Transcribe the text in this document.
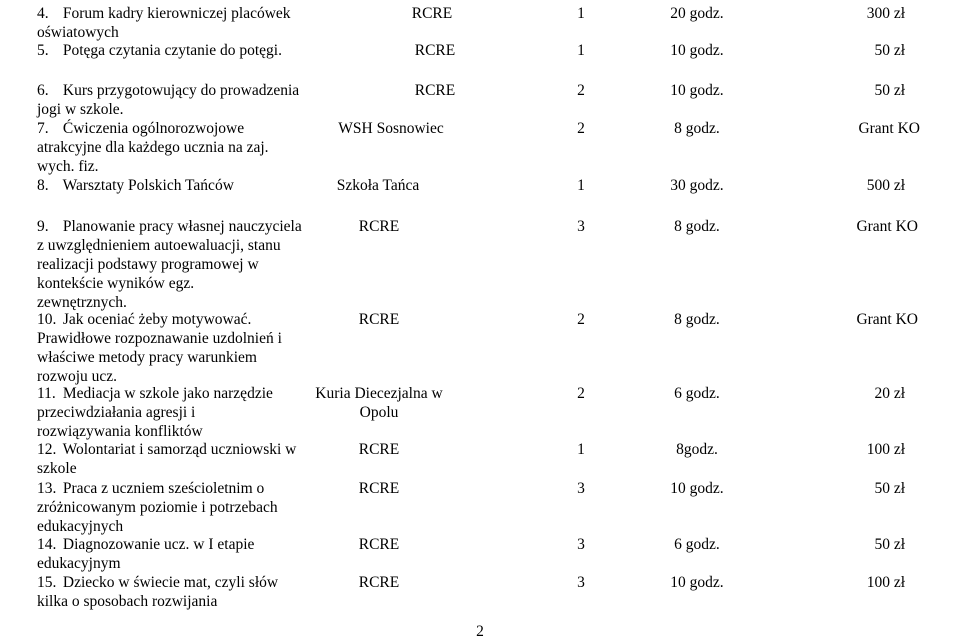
2
4. Forum kadry kierowniczej placówek
oświatowych
RCRE	1	20 godz.	300 zł
5. Potęga czytania czytanie do potęgi.	RCRE	1	10 godz.	50 zł
6. Kurs przygotowujący do prowadzenia
jogi w szkole.
RCRE	2	10 godz.	50 zł
7. Ćwiczenia ogólnorozwojowe
atrakcyjne dla każdego ucznia na zaj.
wych. fiz.
WSH Sosnowiec	2	8 godz.	Grant KO
8. Warsztaty Polskich Tańców	Szkoła Tańca	1	30 godz.	500 zł
9. Planowanie pracy własnej nauczyciela
z uwzględnieniem autoewaluacji, stanu
realizacji podstawy programowej w
kontekście wyników egz.
zewnętrznych.
RCRE	3	8 godz.	Grant KO
10. Jak oceniać żeby motywować.
Prawidłowe rozpoznawanie uzdolnień i
właściwe metody pracy warunkiem
rozwoju ucz.
RCRE	2	8 godz.	Grant KO
11. Mediacja w szkole jako narzędzie
przeciwdziałania agresji i
rozwiązywania konfliktów
Kuria Diecezjalna w
Opolu
2	6 godz.	20 zł
12. Wolontariat i samorząd uczniowski w
szkole
RCRE	1	8godz.	100 zł
13. Praca z uczniem sześcioletnim o
zróżnicowanym poziomie i potrzebach
edukacyjnych
RCRE	3	10 godz.	50 zł
14. Diagnozowanie ucz. w I etapie
edukacyjnym
RCRE	3	6 godz.	50 zł
15. Dziecko w świecie mat, czyli słów
kilka o sposobach rozwijania
RCRE	3	10 godz.	100 zł
